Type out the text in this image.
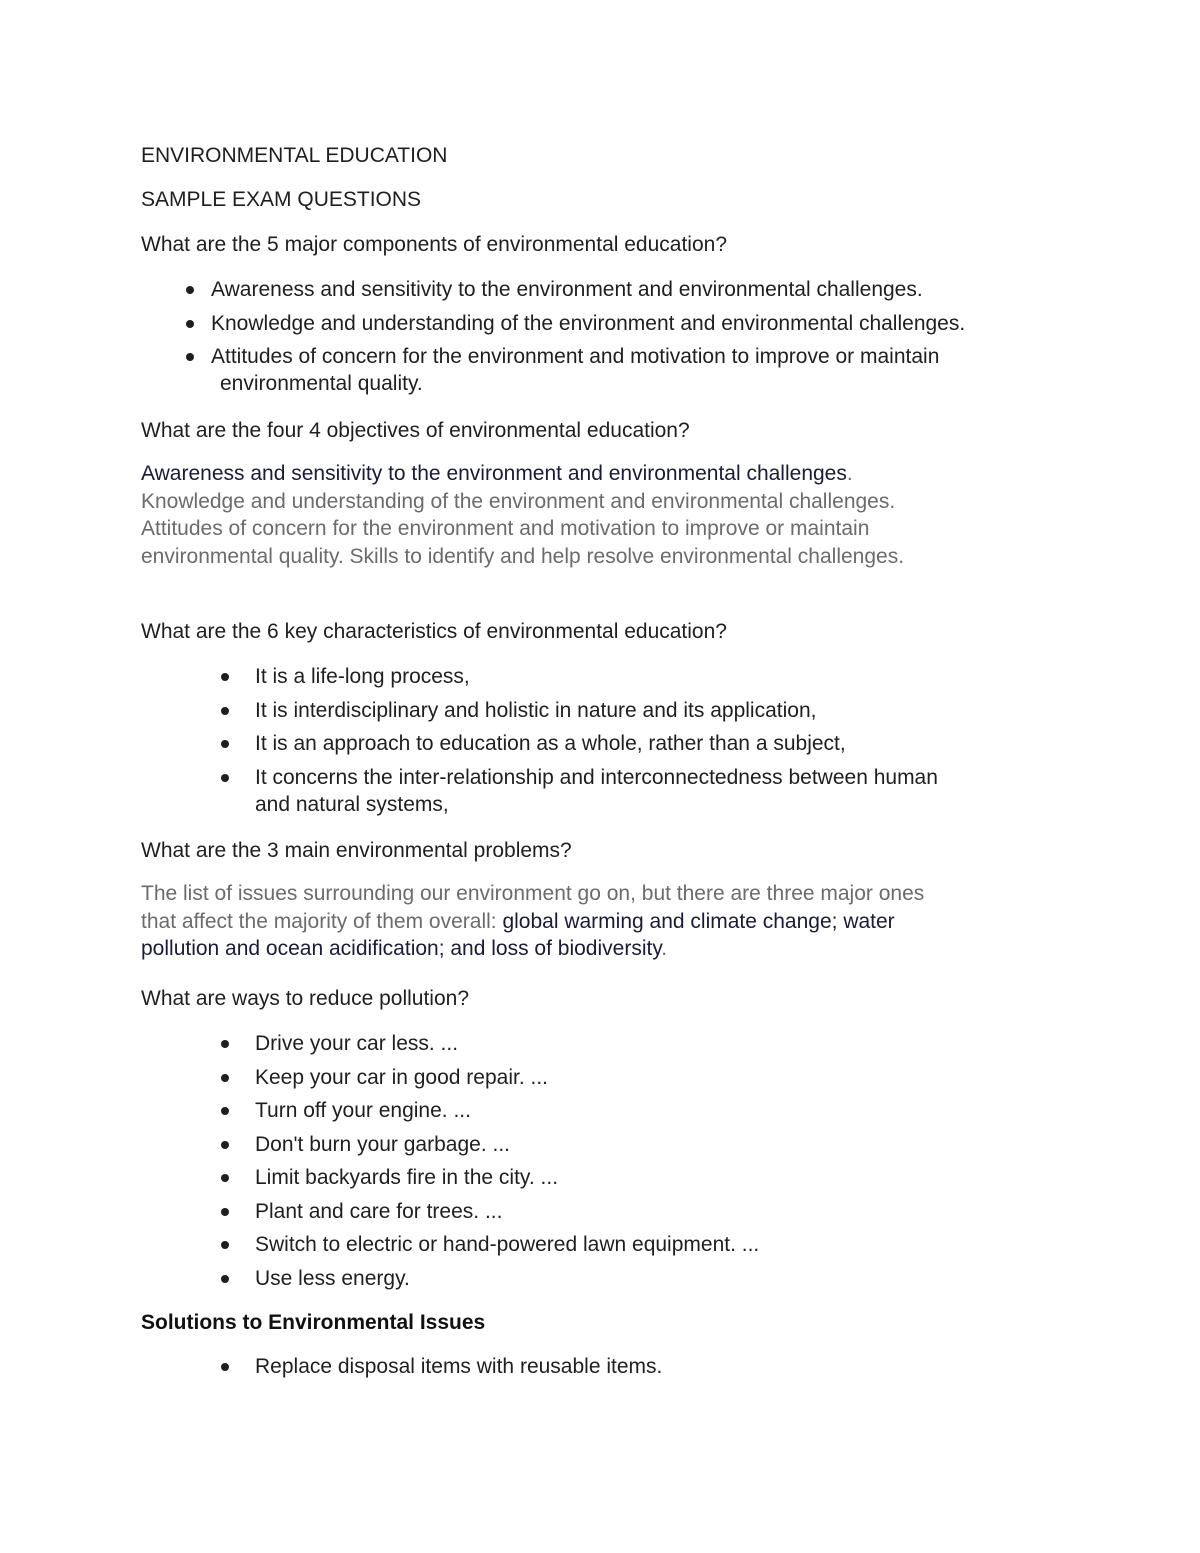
ENVIRONMENTAL EDUCATION

SAMPLE EXAM QUESTIONS

What are the 5 major components of environmental education?

Awareness and sensitivity to the environment and environmental challenges.
Knowledge and understanding of the environment and environmental challenges.
Attitudes of concern for the environment and motivation to improve or maintain
environmental quality.

What are the four 4 objectives of environmental education?

Awareness and sensitivity to the environment and environmental challenges.
Knowledge and understanding of the environment and environmental challenges.
Attitudes of concern for the environment and motivation to improve or maintain
environmental quality. Skills to identify and help resolve environmental challenges.

What are the 6 key characteristics of environmental education?

It is a life-long process,
It is interdisciplinary and holistic in nature and its application,
It is an approach to education as a whole, rather than a subject,
It concerns the inter-relationship and interconnectedness between human
and natural systems,

What are the 3 main environmental problems?

The list of issues surrounding our environment go on, but there are three major ones
that affect the majority of them overall: global warming and climate change; water
pollution and ocean acidification; and loss of biodiversity.

What are ways to reduce pollution?

Drive your car less. ...
Keep your car in good repair. ...
Turn off your engine. ...
Don't burn your garbage. ...
Limit backyards fire in the city. ...
Plant and care for trees. ...
Switch to electric or hand-powered lawn equipment. ...
Use less energy.

Solutions to Environmental Issues

Replace disposal items with reusable items.
